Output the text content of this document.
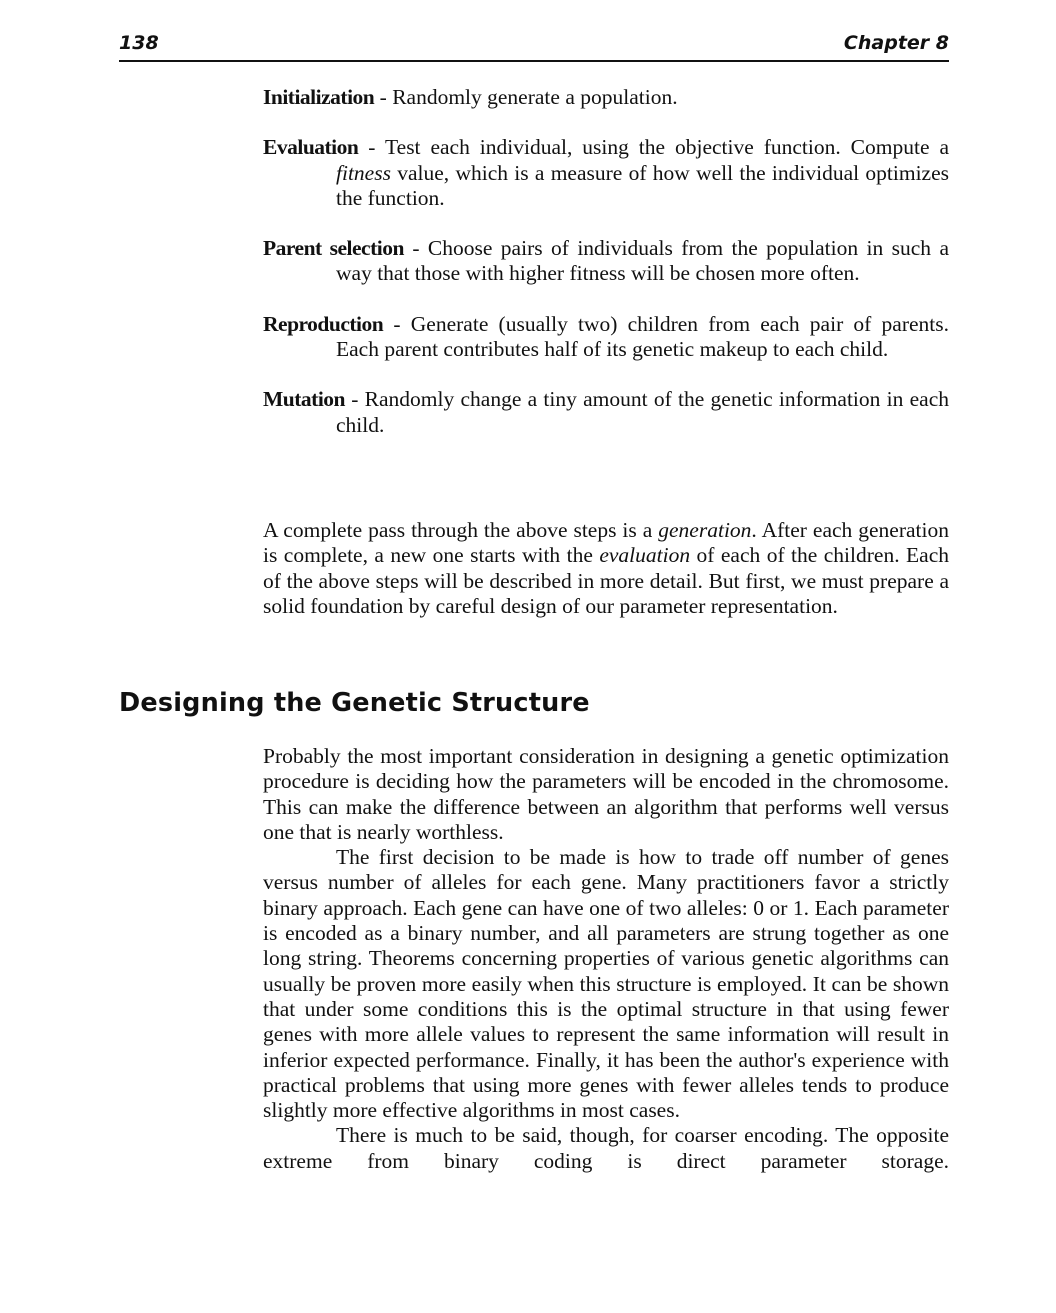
138	Chapter 8

Initialization - Randomly generate a population.

Evaluation - Test each individual, using the objective function. Compute a fitness value, which is a measure of how well the individual optimizes the function.

Parent selection - Choose pairs of individuals from the population in such a way that those with higher fitness will be chosen more often.

Reproduction - Generate (usually two) children from each pair of parents. Each parent contributes half of its genetic makeup to each child.

Mutation - Randomly change a tiny amount of the genetic information in each child.

A complete pass through the above steps is a generation. After each generation is complete, a new one starts with the evaluation of each of the children. Each of the above steps will be described in more detail. But first, we must prepare a solid foundation by careful design of our parameter representation.

Designing the Genetic Structure

Probably the most important consideration in designing a genetic optimization procedure is deciding how the parameters will be encoded in the chromosome. This can make the difference between an algorithm that performs well versus one that is nearly worthless.

The first decision to be made is how to trade off number of genes versus number of alleles for each gene. Many practitioners favor a strictly binary approach. Each gene can have one of two alleles: 0 or 1. Each parameter is encoded as a binary number, and all parameters are strung together as one long string. Theorems concerning properties of various genetic algorithms can usually be proven more easily when this structure is employed. It can be shown that under some conditions this is the optimal structure in that using fewer genes with more allele values to represent the same information will result in inferior expected performance. Finally, it has been the author's experience with practical problems that using more genes with fewer alleles tends to produce slightly more effective algorithms in most cases.

There is much to be said, though, for coarser encoding. The opposite extreme from binary coding is direct parameter storage.
